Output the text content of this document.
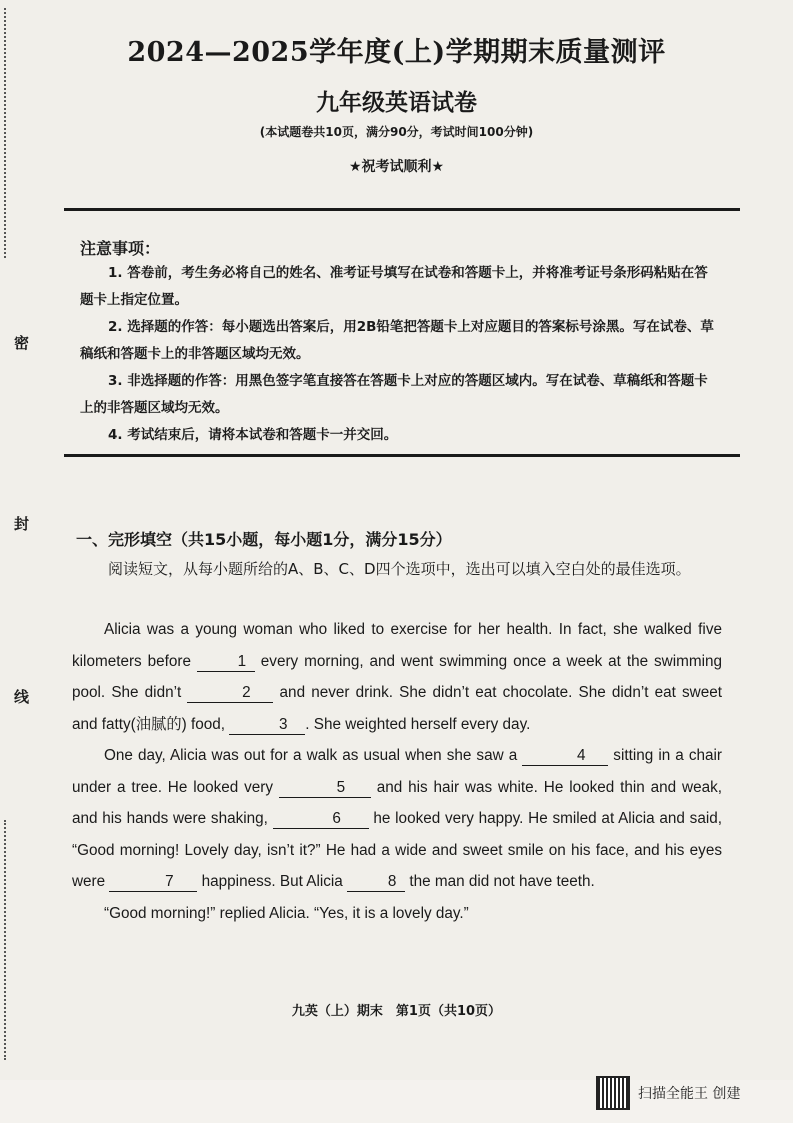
密
封
线
2024—2025学年度(上)学期期末质量测评
九年级英语试卷
(本试题卷共10页，满分90分，考试时间100分钟)
★祝考试顺利★
注意事项：

1. 答卷前，考生务必将自己的姓名、准考证号填写在试卷和答题卡上，并将准考证号条形码粘贴在答题卡上指定位置。

2. 选择题的作答：每小题选出答案后，用2B铅笔把答题卡上对应题目的答案标号涂黑。写在试卷、草稿纸和答题卡上的非答题区域均无效。

3. 非选择题的作答：用黑色签字笔直接答在答题卡上对应的答题区域内。写在试卷、草稿纸和答题卡上的非答题区域均无效。

4. 考试结束后，请将本试卷和答题卡一并交回。

一、完形填空（共15小题，每小题1分，满分15分）

阅读短文，从每小题所给的A、B、C、D四个选项中，选出可以填入空白处的最佳选项。

Alicia was a young woman who liked to exercise for her health. In fact, she walked five kilometers before	1 every morning, and went swimming once a week at the swimming pool. She didn’t	2 and never drink. She didn’t eat chocolate. She didn’t eat sweet and fatty(油腻的) food,	3 . She weighted herself every day.

One day, Alicia was out for a walk as usual when she saw a	4 sitting in a chair under a tree. He looked very	5 and his hair was white. He looked thin and weak, and his hands were shaking,	6 he looked very happy. He smiled at Alicia and said, “Good morning! Lovely day, isn’t it?” He had a wide and sweet smile on his face, and his eyes were	7 happiness. But Alicia	8 the man did not have teeth.

“Good morning!” replied Alicia. “Yes, it is a lovely day.”

九英（上）期末　第1页（共10页）
扫描全能王 创建
